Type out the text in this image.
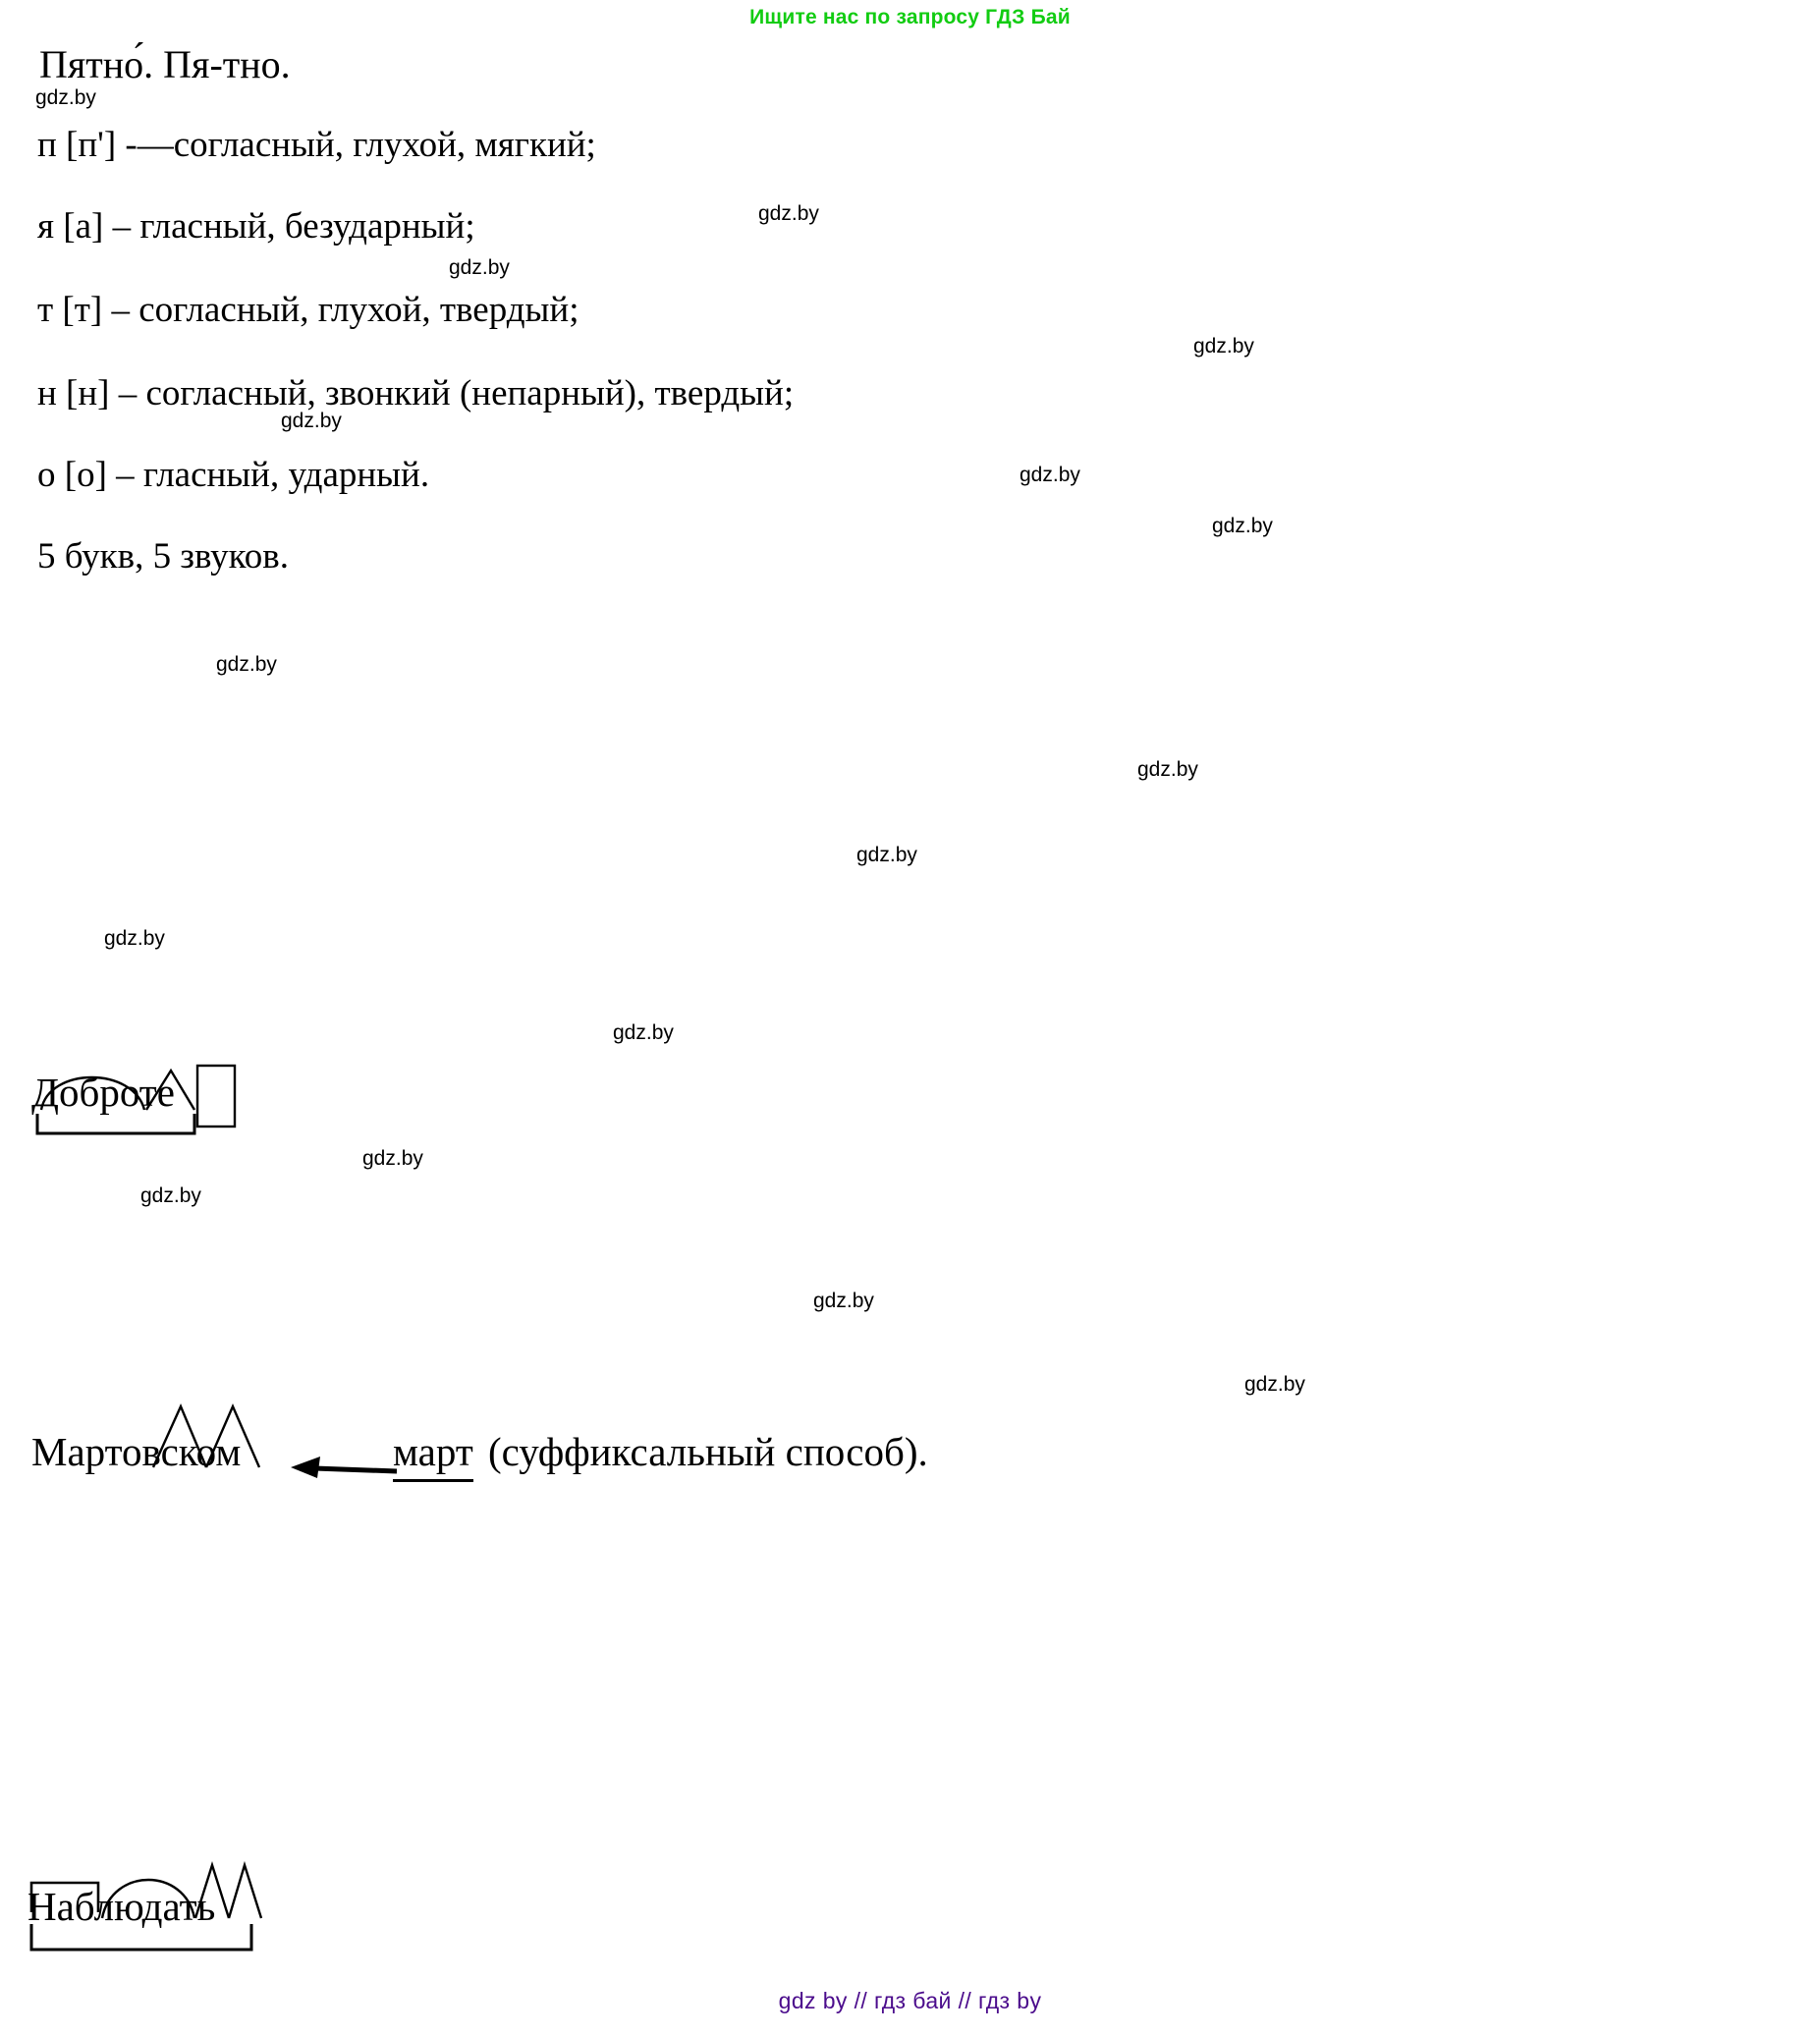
Ищите нас по запросу ГДЗ Бай
Пятно́. Пя-тно.
п [п'] -—согласный, глухой, мягкий;
я [а] – гласный, безударный;
т [т] – согласный, глухой, твердый;
н [н] – согласный, звонкий (непарный), твердый;
о [о] – гласный, ударный.
5 букв, 5 звуков.
Доброте
Мартовском	март (суффиксальный способ).
Наблюдать
gdz.by
gdz.by
gdz.by
gdz.by
gdz.by
gdz.by
gdz.by
gdz.by
gdz.by
gdz.by
gdz.by
gdz.by
gdz.by
gdz.by
gdz.by
gdz.by
gdz by // гдз бай // гдз by
